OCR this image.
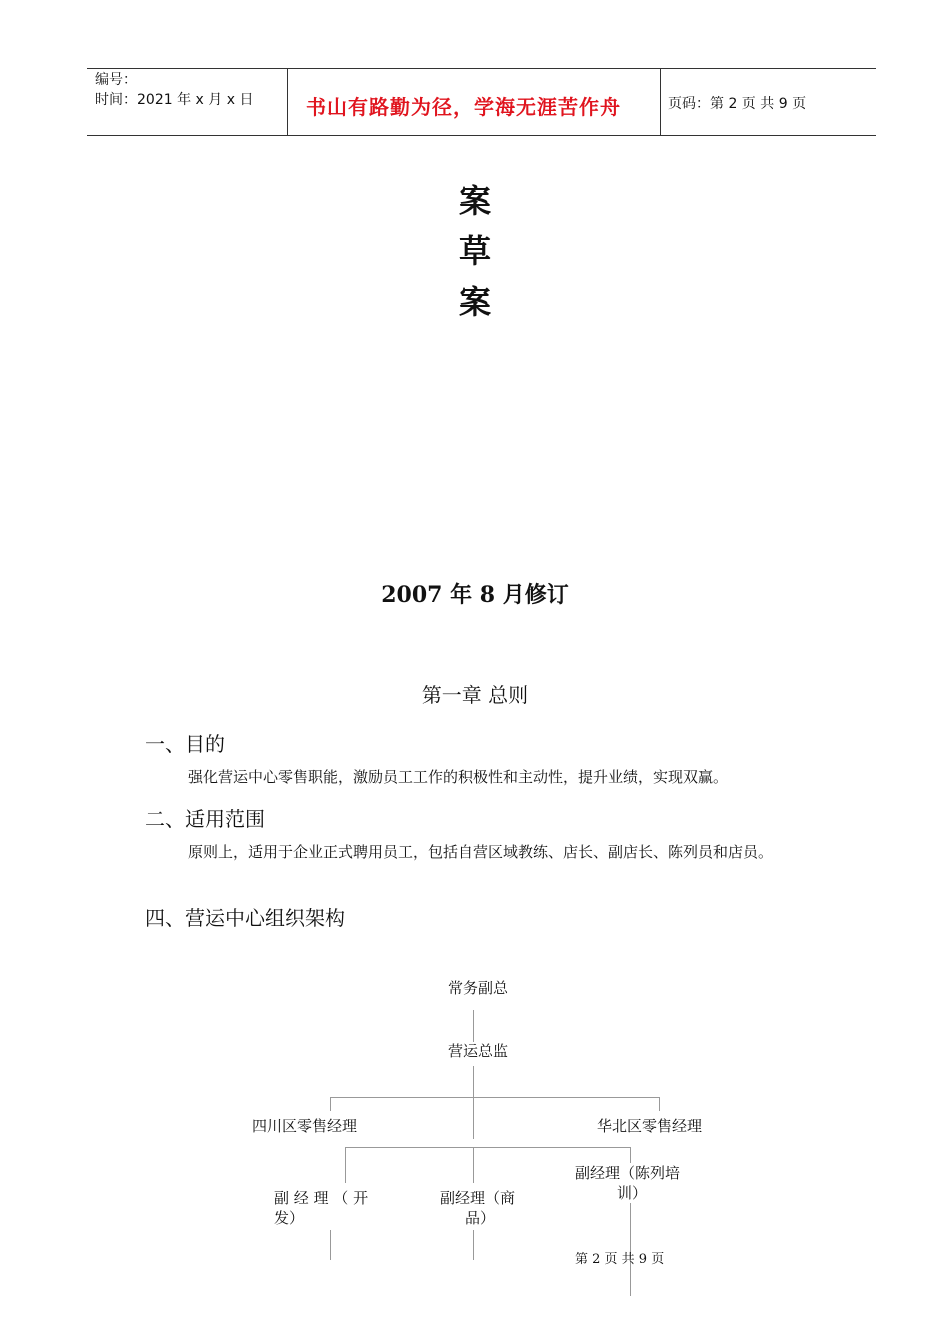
编号：
时间：2021 年 x 月 x 日	书山有路勤为径，学海无涯苦作舟	页码：第 2 页 共 9 页
案
草
案
2007 年 8 月修订
第一章 总则
一、目的
强化营运中心零售职能，激励员工工作的积极性和主动性，提升业绩，实现双赢。
二、适用范围
原则上，适用于企业正式聘用员工，包括自营区域教练、店长、副店长、陈列员和店员。
四、营运中心组织架构
常务副总
营运总监
四川区零售经理	华北区零售经理
副 经 理 （ 开
发）
副经理（商
品）
副经理（陈列培
训）
第 2 页 共 9 页
